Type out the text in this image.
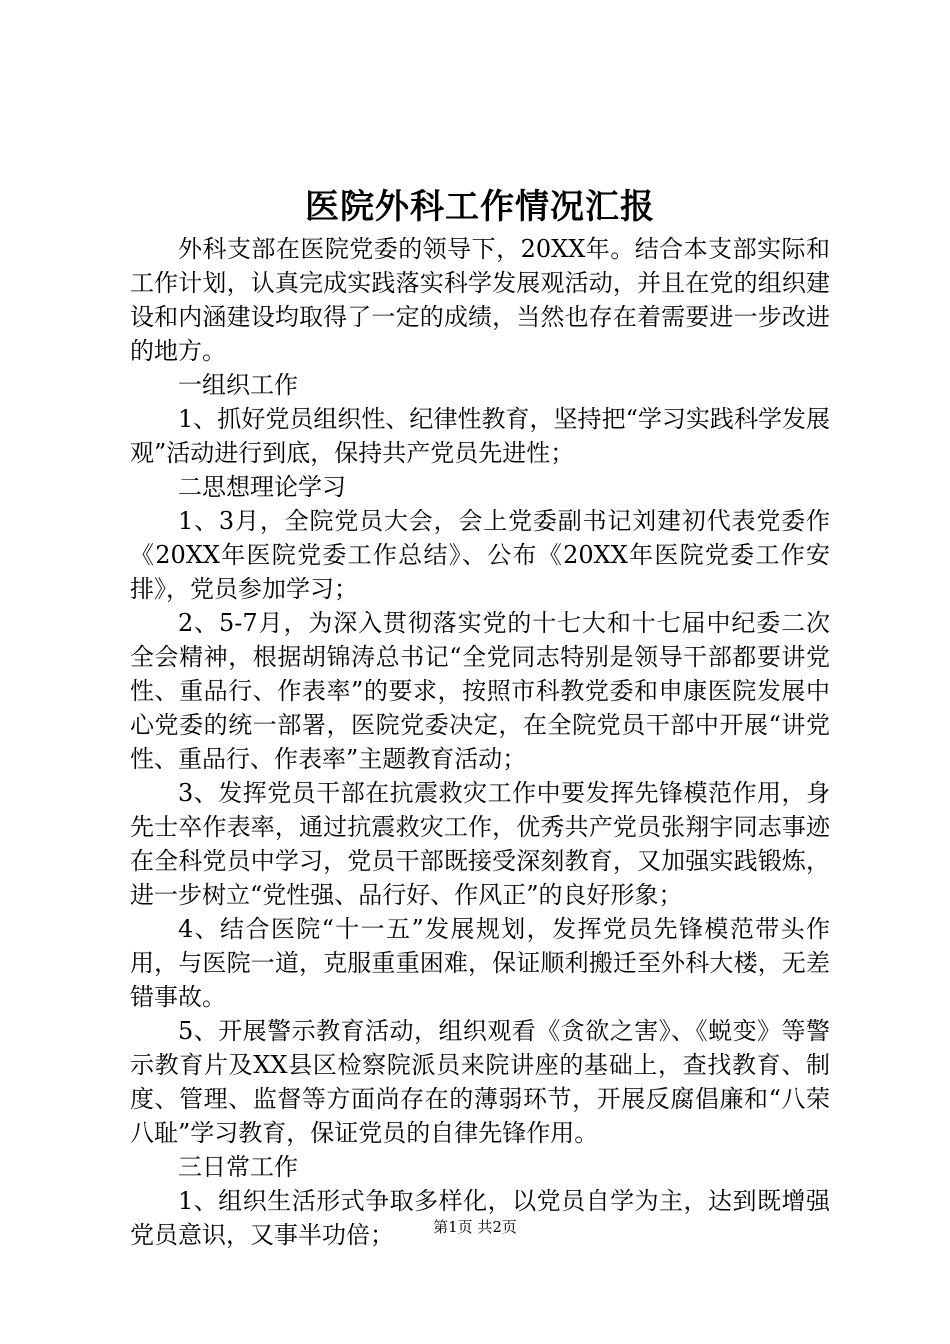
医院外科工作情况汇报

外科支部在医院党委的领导下，20XX年。结合本支部实际和工作计划，认真完成实践落实科学发展观活动，并且在党的组织建设和内涵建设均取得了一定的成绩，当然也存在着需要进一步改进的地方。

一组织工作

1、抓好党员组织性、纪律性教育，坚持把“学习实践科学发展观”活动进行到底，保持共产党员先进性；

二思想理论学习

1、3月，全院党员大会，会上党委副书记刘建初代表党委作《20XX年医院党委工作总结》、公布《20XX年医院党委工作安排》，党员参加学习；

2、5-7月，为深入贯彻落实党的十七大和十七届中纪委二次全会精神，根据胡锦涛总书记“全党同志特别是领导干部都要讲党性、重品行、作表率”的要求，按照市科教党委和申康医院发展中心党委的统一部署，医院党委决定，在全院党员干部中开展“讲党性、重品行、作表率”主题教育活动；

3、发挥党员干部在抗震救灾工作中要发挥先锋模范作用，身先士卒作表率，通过抗震救灾工作，优秀共产党员张翔宇同志事迹在全科党员中学习，党员干部既接受深刻教育，又加强实践锻炼，进一步树立“党性强、品行好、作风正”的良好形象；

4、结合医院“十一五”发展规划，发挥党员先锋模范带头作用，与医院一道，克服重重困难，保证顺利搬迁至外科大楼，无差错事故。

5、开展警示教育活动，组织观看《贪欲之害》、《蜕变》等警示教育片及XX县区检察院派员来院讲座的基础上，查找教育、制度、管理、监督等方面尚存在的薄弱环节，开展反腐倡廉和“八荣八耻”学习教育，保证党员的自律先锋作用。

三日常工作

1、组织生活形式争取多样化，以党员自学为主，达到既增强党员意识，又事半功倍；	第1页 共2页
